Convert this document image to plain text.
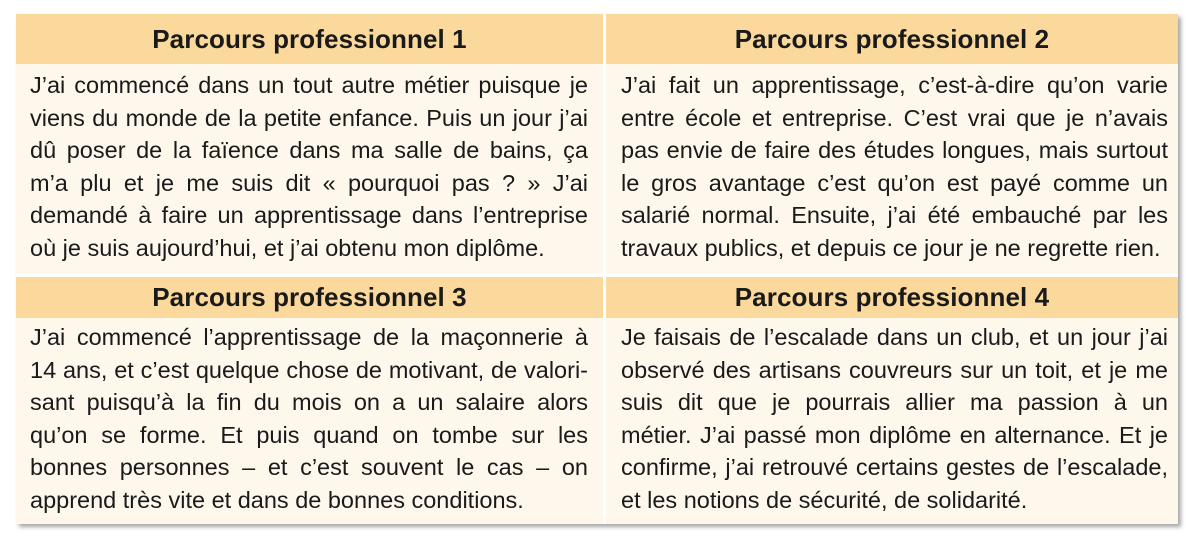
Parcours professionnel 1	Parcours professionnel 2
J’ai commencé dans un tout autre métier puisque je viens du monde de la petite enfance. Puis un jour j’ai dû poser de la faïence dans ma salle de bains, ça m’a plu et je me suis dit « pourquoi pas ? » J’ai demandé à faire un apprentissage dans l’entreprise où je suis aujourd’hui, et j’ai obtenu mon diplôme.
J’ai fait un apprentissage, c’est-à-dire qu’on varie entre école et entreprise. C’est vrai que je n’avais pas envie de faire des études longues, mais surtout le gros avantage c’est qu’on est payé comme un salarié normal. Ensuite, j’ai été embauché par les travaux publics, et depuis ce jour je ne regrette rien.
Parcours professionnel 3	Parcours professionnel 4
J’ai commencé l’apprentissage de la maçonnerie à 14 ans, et c’est quelque chose de motivant, de valorisant puisqu’à la fin du mois on a un salaire alors qu’on se forme. Et puis quand on tombe sur les bonnes personnes – et c’est souvent le cas – on apprend très vite et dans de bonnes conditions.
Je faisais de l’escalade dans un club, et un jour j’ai observé des artisans couvreurs sur un toit, et je me suis dit que je pourrais allier ma passion à un métier. J’ai passé mon diplôme en alternance. Et je confirme, j’ai retrouvé certains gestes de l’escalade, et les notions de sécurité, de solidarité.
